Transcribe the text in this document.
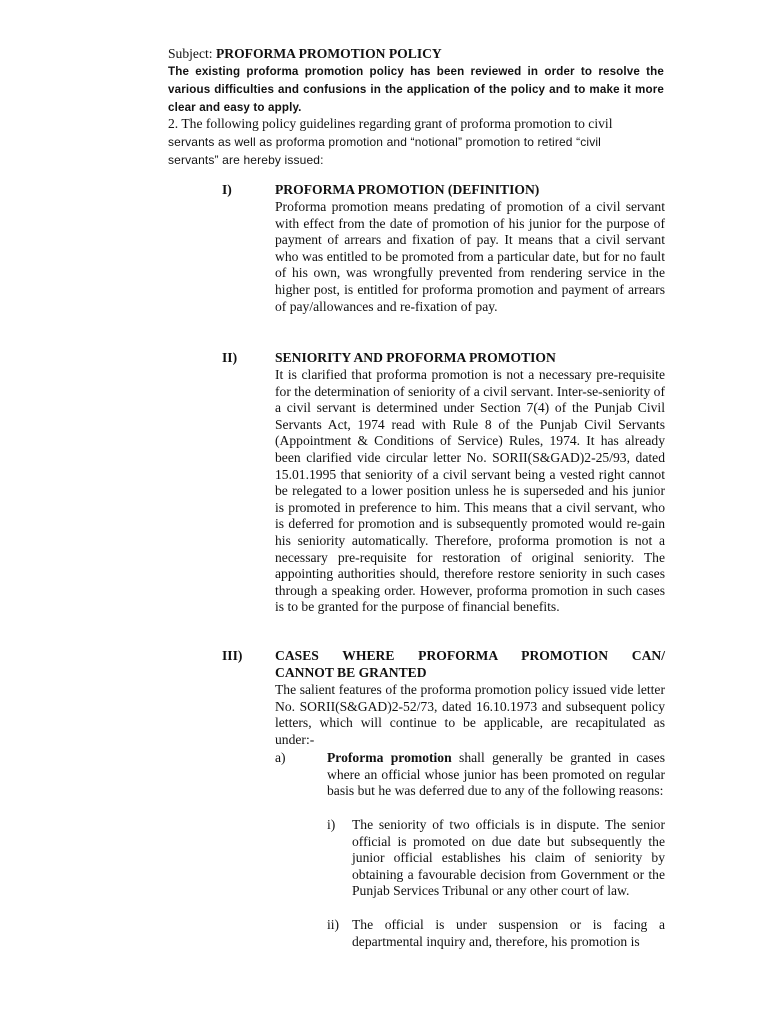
Subject: PROFORMA PROMOTION POLICY
The existing proforma promotion policy has been reviewed in order to resolve the various difficulties and confusions in the application of the policy and to make it more clear and easy to apply.
2. The following policy guidelines regarding grant of proforma promotion to civil
servants as well as proforma promotion and “notional” promotion to retired “civil
servants” are hereby issued:
I)	PROFORMA PROMOTION (DEFINITION)
Proforma promotion means predating of promotion of a civil servant with effect from the date of promotion of his junior for the purpose of payment of arrears and fixation of pay. It means that a civil servant who was entitled to be promoted from a particular date, but for no fault of his own, was wrongfully prevented from rendering service in the higher post, is entitled for proforma promotion and payment of arrears of pay/allowances and re-fixation of pay.
II)	SENIORITY AND PROFORMA PROMOTION
It is clarified that proforma promotion is not a necessary pre-requisite for the determination of seniority of a civil servant. Inter-se-seniority of a civil servant is determined under Section 7(4) of the Punjab Civil Servants Act, 1974 read with Rule 8 of the Punjab Civil Servants (Appointment & Conditions of Service) Rules, 1974. It has already been clarified vide circular letter No. SORII(S&GAD)2-25/93, dated 15.01.1995 that seniority of a civil servant being a vested right cannot be relegated to a lower position unless he is superseded and his junior is promoted in preference to him. This means that a civil servant, who is deferred for promotion and is subsequently promoted would re-gain his seniority automatically. Therefore, proforma promotion is not a necessary pre-requisite for restoration of original seniority. The appointing authorities should, therefore restore seniority in such cases through a speaking order. However, proforma promotion in such cases is to be granted for the purpose of financial benefits.
III) CASES WHERE PROFORMA PROMOTION CAN/
CANNOT BE GRANTED
The salient features of the proforma promotion policy issued vide letter No. SORII(S&GAD)2-52/73, dated 16.10.1973 and subsequent policy letters, which will continue to be applicable, are recapitulated as under:-
a)	Proforma promotion shall generally be granted in cases where an official whose junior has been promoted on regular basis but he was deferred due to any of the following reasons:
i) The seniority of two officials is in dispute. The senior official is promoted on due date but subsequently the junior official establishes his claim of seniority by obtaining a favourable decision from Government or the Punjab Services Tribunal or any other court of law.
ii) The official is under suspension or is facing a departmental inquiry and, therefore, his promotion is
